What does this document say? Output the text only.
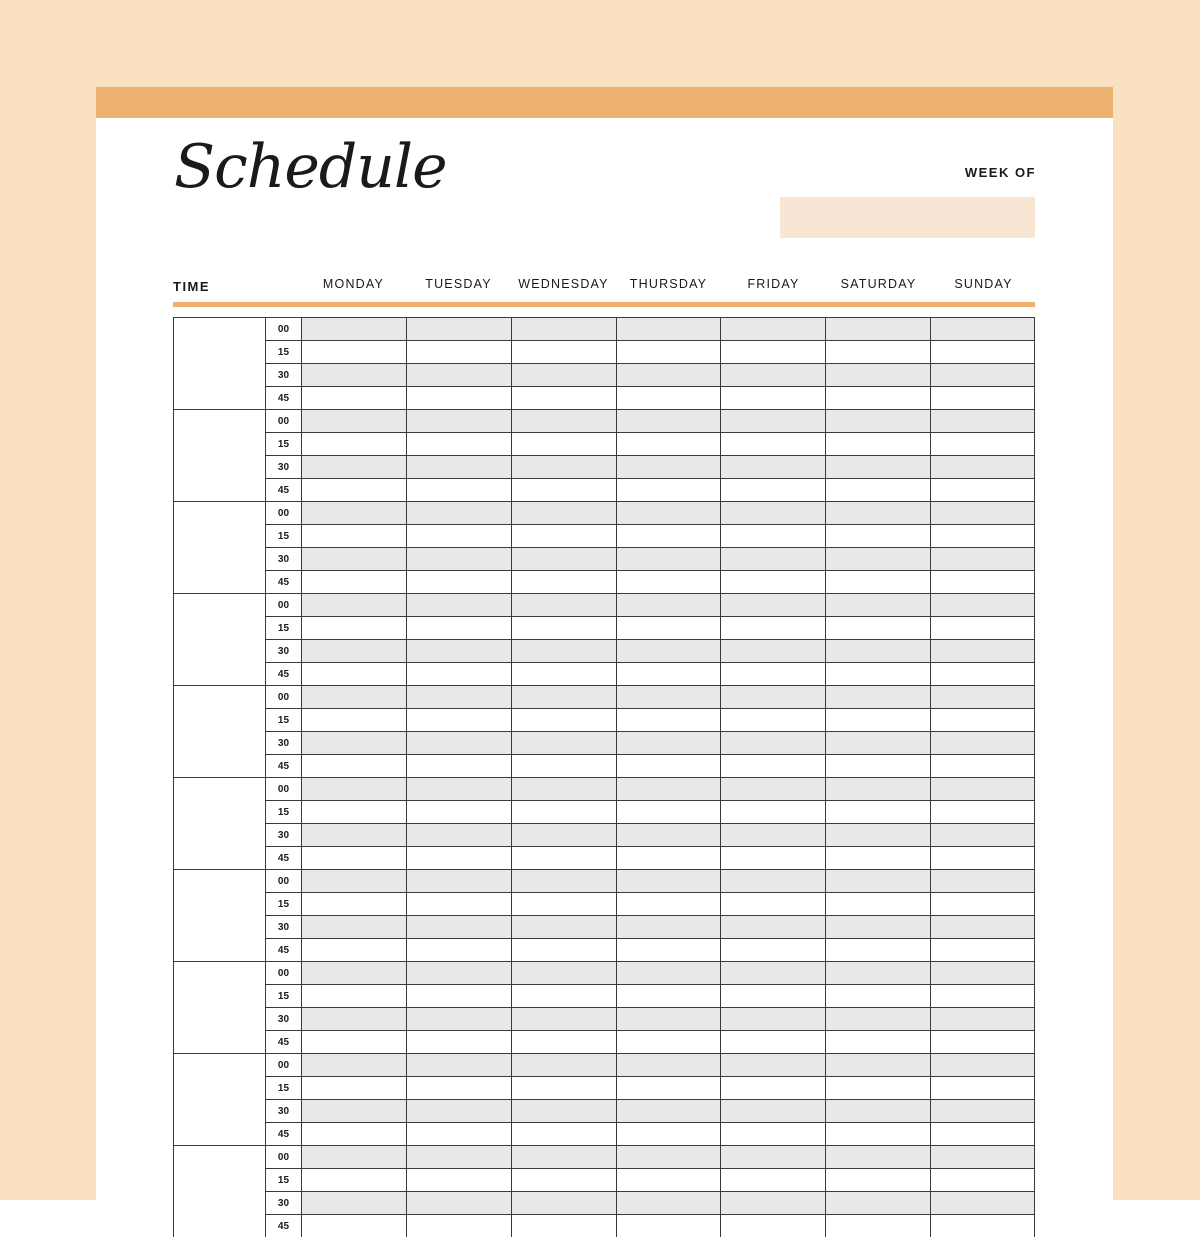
Schedule	WEEK OF
TIME	MONDAY	TUESDAY	WEDNESDAY	THURSDAY	FRIDAY	SATURDAY	SUNDAY
00
15
30
45
00
15
30
45
00
15
30
45
00
15
30
45
00
15
30
45
00
15
30
45
00
15
30
45
00
15
30
45
00
15
30
45
00
15
30
45
